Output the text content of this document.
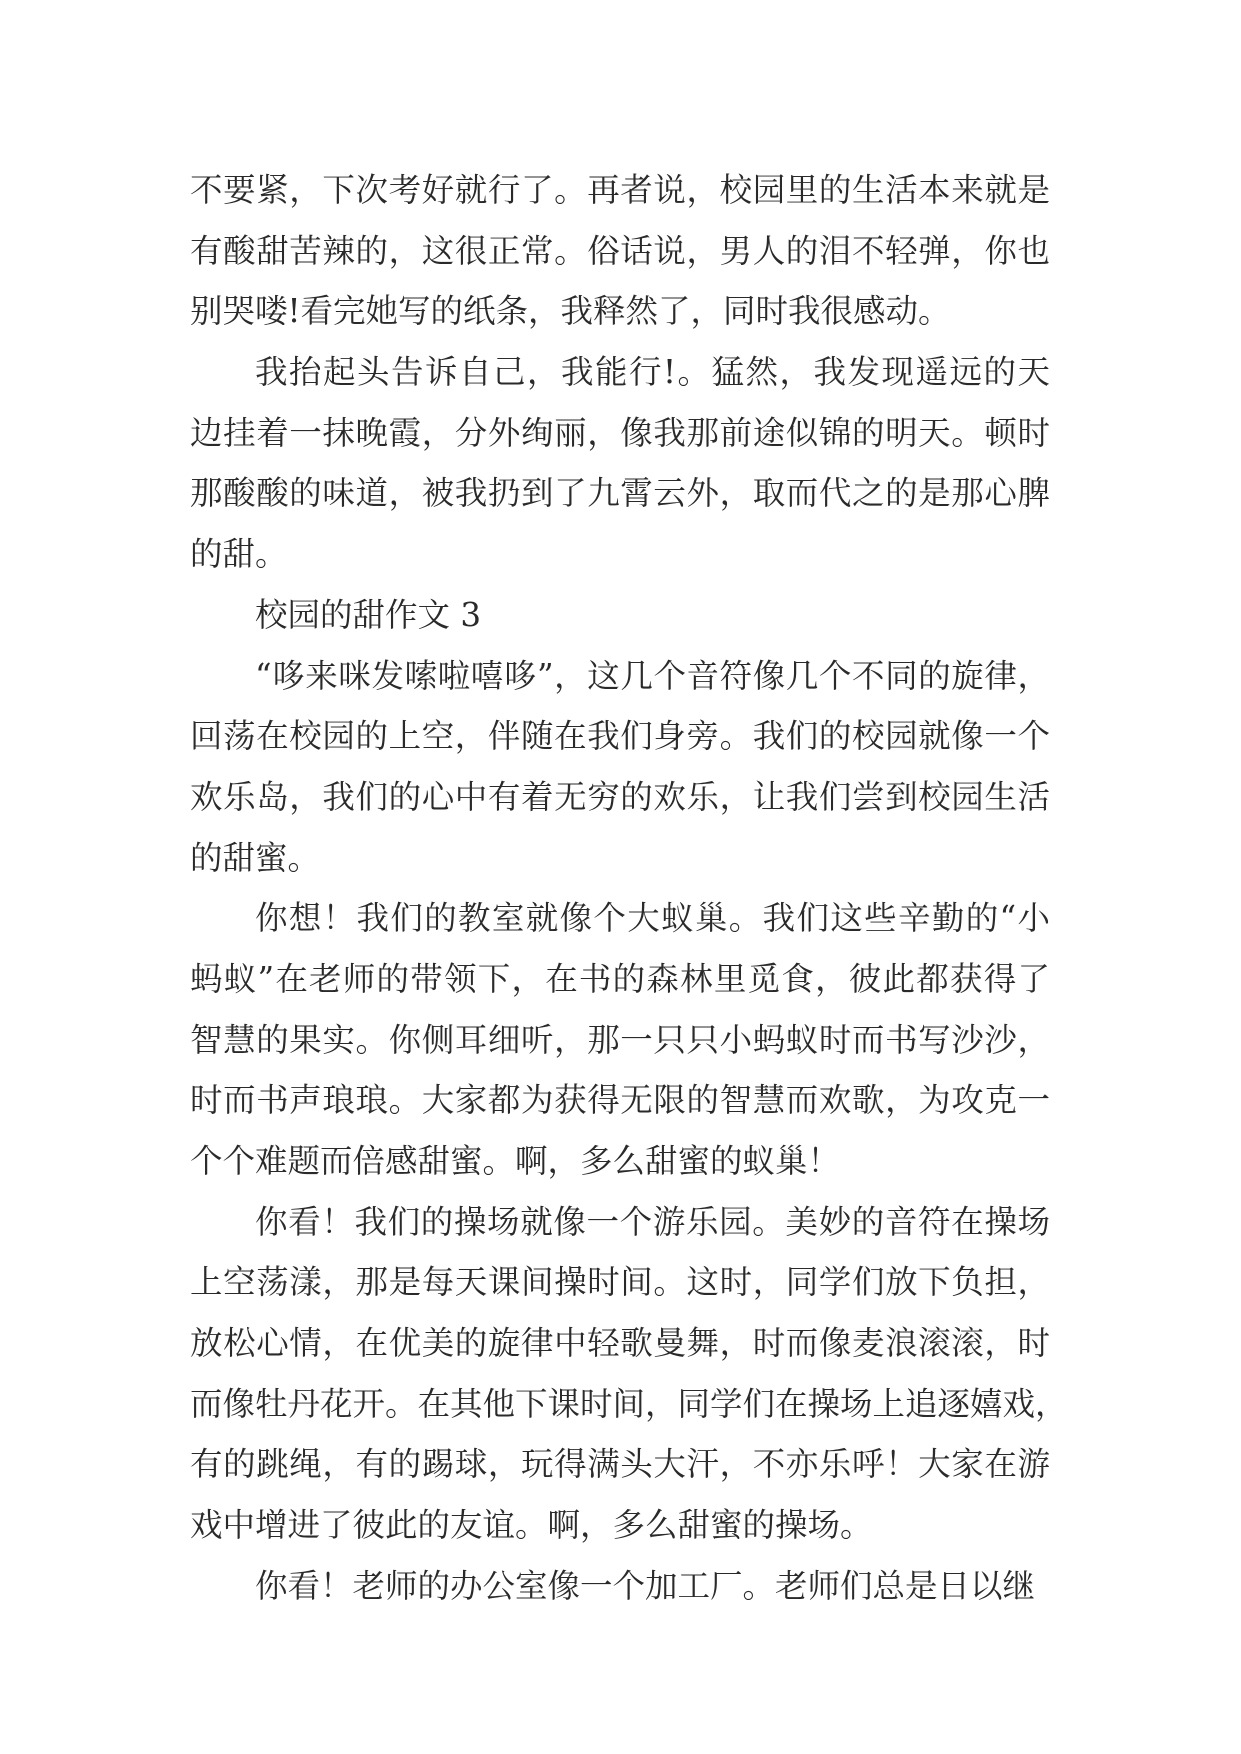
不要紧，下次考好就行了。再者说，校园里的生活本来就是
有酸甜苦辣的，这很正常。俗话说，男人的泪不轻弹，你也
别哭喽!看完她写的纸条，我释然了，同时我很感动。
我抬起头告诉自己，我能行!。猛然，我发现遥远的天
边挂着一抹晚霞，分外绚丽，像我那前途似锦的明天。顿时
那酸酸的味道，被我扔到了九霄云外，取而代之的是那心脾
的甜。
校园的甜作文 3
“哆来咪发嗦啦嘻哆”，这几个音符像几个不同的旋律，
回荡在校园的上空，伴随在我们身旁。我们的校园就像一个
欢乐岛，我们的心中有着无穷的欢乐，让我们尝到校园生活
的甜蜜。
你想！我们的教室就像个大蚁巢。我们这些辛勤的“小
蚂蚁”在老师的带领下，在书的森林里觅食，彼此都获得了
智慧的果实。你侧耳细听，那一只只小蚂蚁时而书写沙沙，
时而书声琅琅。大家都为获得无限的智慧而欢歌，为攻克一
个个难题而倍感甜蜜。啊，多么甜蜜的蚁巢！
你看！我们的操场就像一个游乐园。美妙的音符在操场
上空荡漾，那是每天课间操时间。这时，同学们放下负担，
放松心情，在优美的旋律中轻歌曼舞，时而像麦浪滚滚，时
而像牡丹花开。在其他下课时间，同学们在操场上追逐嬉戏，
有的跳绳，有的踢球，玩得满头大汗，不亦乐呼！大家在游
戏中增进了彼此的友谊。啊，多么甜蜜的操场。
你看！老师的办公室像一个加工厂。老师们总是日以继
